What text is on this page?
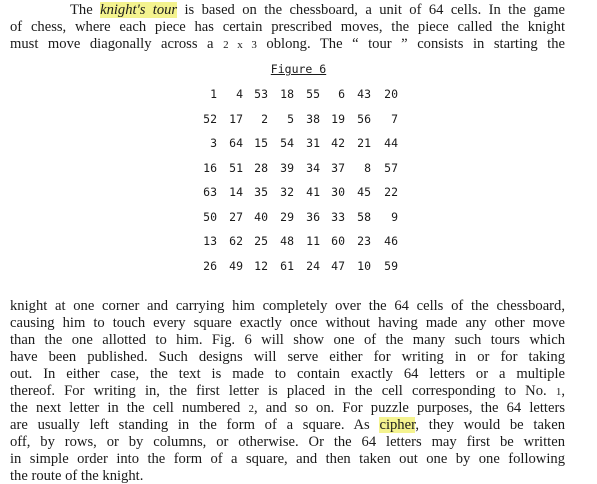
The knight's tour is based on the chessboard, a unit of 64 cells. In the game
of chess, where each piece has certain prescribed moves, the piece called the knight
must move diagonally across a 2 x 3 oblong. The “ tour ” consists in starting the
Figure 6
1	4 53	18	55	6	43	20
52	17	2	5	38 19	56	7
3	64 15	54	31 42	21	44
16	51 28	39	34 37	8	57
63	14 35	32	41 30	45	22
50	27 40	29	36 33	58	9
13	62 25	48	11 60	23	46
26	49 12	61	24 47	10	59
knight at one corner and carrying him completely over the 64 cells of the chessboard,
causing him to touch every square exactly once without having made any other move
than the one allotted to him. Fig. 6 will show one of the many such tours which
have been published. Such designs will serve either for writing in or for taking
out. In either case, the text is made to contain exactly 64 letters or a multiple
thereof. For writing in, the first letter is placed in the cell corresponding to No. 1,
the next letter in the cell numbered 2, and so on. For puzzle purposes, the 64 letters
are usually left standing in the form of a square. As cipher, they would be taken
off, by rows, or by columns, or otherwise. Or the 64 letters may first be written
in simple order into the form of a square, and then taken out one by one following
the route of the knight.
